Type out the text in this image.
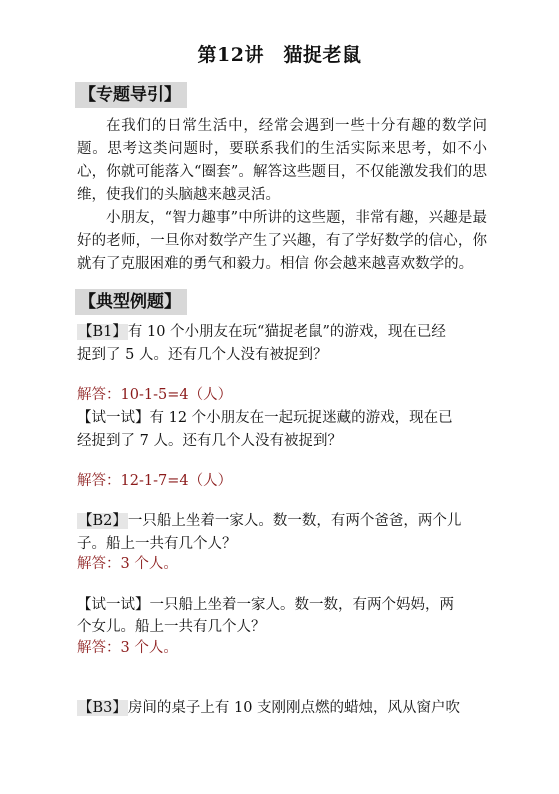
第12讲　猫捉老鼠
【专题导引】
在我们的日常生活中，经常会遇到一些十分有趣的数学问题。思考这类问题时，要联系我们的生活实际来思考，如不小心，你就可能落入“圈套”。解答这些题目，不仅能激发我们的思维，使我们的头脑越来越灵活。
小朋友，“智力趣事”中所讲的这些题，非常有趣，兴趣是最好的老师，一旦你对数学产生了兴趣，有了学好数学的信心，你就有了克服困难的勇气和毅力。相信 你会越来越喜欢数学的。
【典型例题】
【B1】有 10 个小朋友在玩“猫捉老鼠”的游戏，现在已经
捉到了 5 人。还有几个人没有被捉到？
解答：10-1-5=4（人）
【试一试】有 12 个小朋友在一起玩捉迷藏的游戏，现在已
经捉到了 7 人。还有几个人没有被捉到？
解答：12-1-7=4（人）
【B2】一只船上坐着一家人。数一数，有两个爸爸，两个儿
子。船上一共有几个人？
解答：3 个人。
【试一试】一只船上坐着一家人。数一数，有两个妈妈，两
个女儿。船上一共有几个人？
解答：3 个人。
【B3】房间的桌子上有 10 支刚刚点燃的蜡烛，风从窗户吹
